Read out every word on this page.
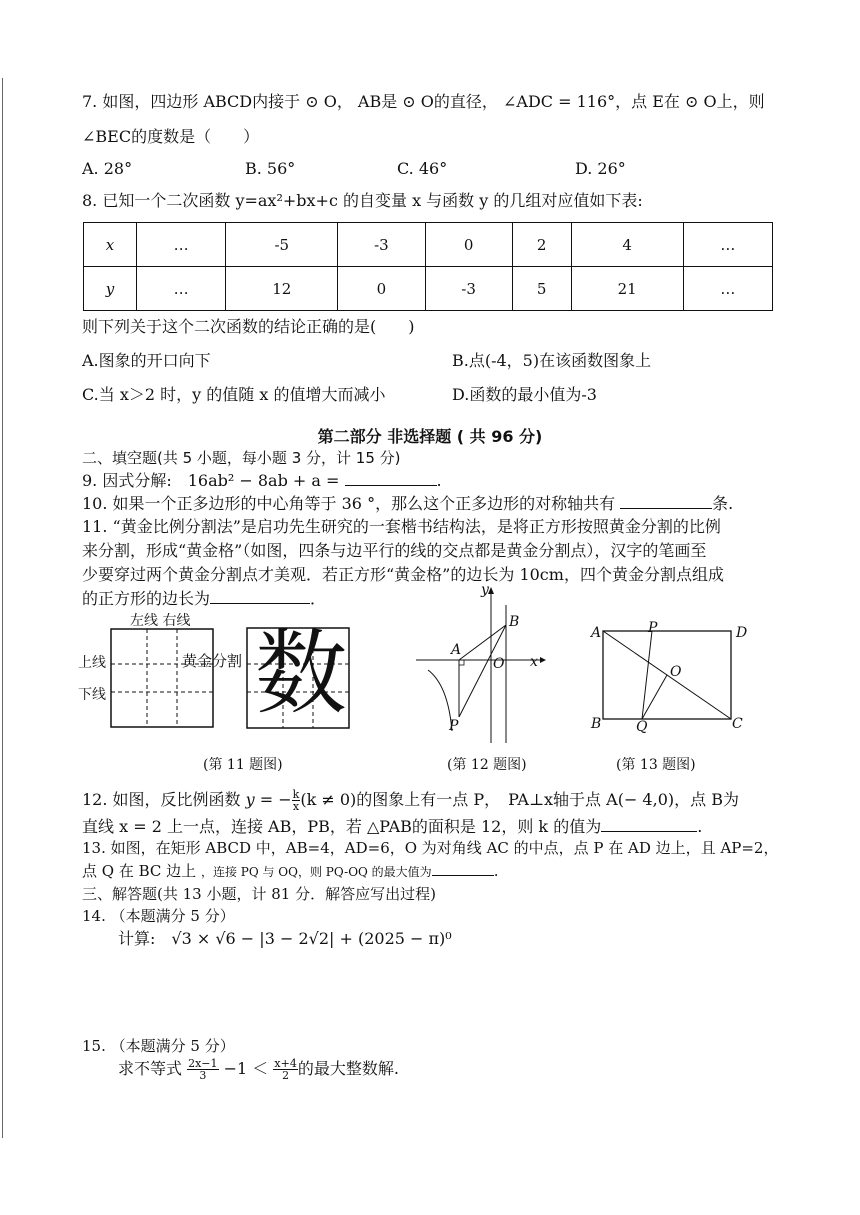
7. 如图，四边形 ABCD内接于 ⊙ O， AB是 ⊙ O的直径， ∠ADC = 116°，点 E在 ⊙ O上，则
∠BEC的度数是（　　）
A. 28°	B. 56°	C. 46°	D. 26°
8. 已知一个二次函数 y=ax²+bx+c 的自变量 x 与函数 y 的几组对应值如下表:
x	…	-5	-3	0	2	4	…
y	…	12	0	-3	5	21	…
则下列关于这个二次函数的结论正确的是(　　)
A.图象的开口向下	B.点(-4，5)在该函数图象上
C.当 x＞2 时，y 的值随 x 的值增大而减小	D.函数的最小值为-3
第二部分 非选择题 ( 共 96 分)
二、填空题(共 5 小题，每小题 3 分，计 15 分)
9. 因式分解:　16ab² − 8ab + a =	.
10. 如果一个正多边形的中心角等于 36 °，那么这个正多边形的对称轴共有	条.
11. “黄金比例分割法”是启功先生研究的一套楷书结构法，是将正方形按照黄金分割的比例
来分割，形成“黄金格”（如图，四条与边平行的线的交点都是黄金分割点），汉字的笔画至
少要穿过两个黄金分割点才美观．若正方形“黄金格”的边长为 10cm，四个黄金分割点组成
的正方形的边长为	．
左线 右线
上线
下线
黄金分割 数
(第 11 题图)
y
x
A
O
B
P
(第 12 题图)
A	P	D
O
B Q	C
(第 13 题图)
12. 如图，反比例函数 y = − $\frac{k}{x} (k \ne 0)$的图象上有一点 P，　PA⊥x轴于点 A(− 4,0)，点 B为
直线 x = 2 上一点，连接 AB，PB，若 △PAB的面积是 12，则 k 的值为	.
13. 如图，在矩形 ABCD 中，AB=4，AD=6，O 为对角线 AC 的中点，点 P 在 AD 边上，且 AP=2，
点 Q 在 BC 边上 ，连接 PQ 与 OQ，则 PQ-OQ 的最大值为	.
三、解答题(共 13 小题，计 81 分．解答应写出过程)
14. （本题满分 5 分）
计算:　√3 × √6 − |3 − 2√2| + (2025 − π)⁰
15. （本题满分 5 分）
求不等式 $\frac{2x-1}{3} -1 < \frac{x+4}{2}$ 的最大整数解.
